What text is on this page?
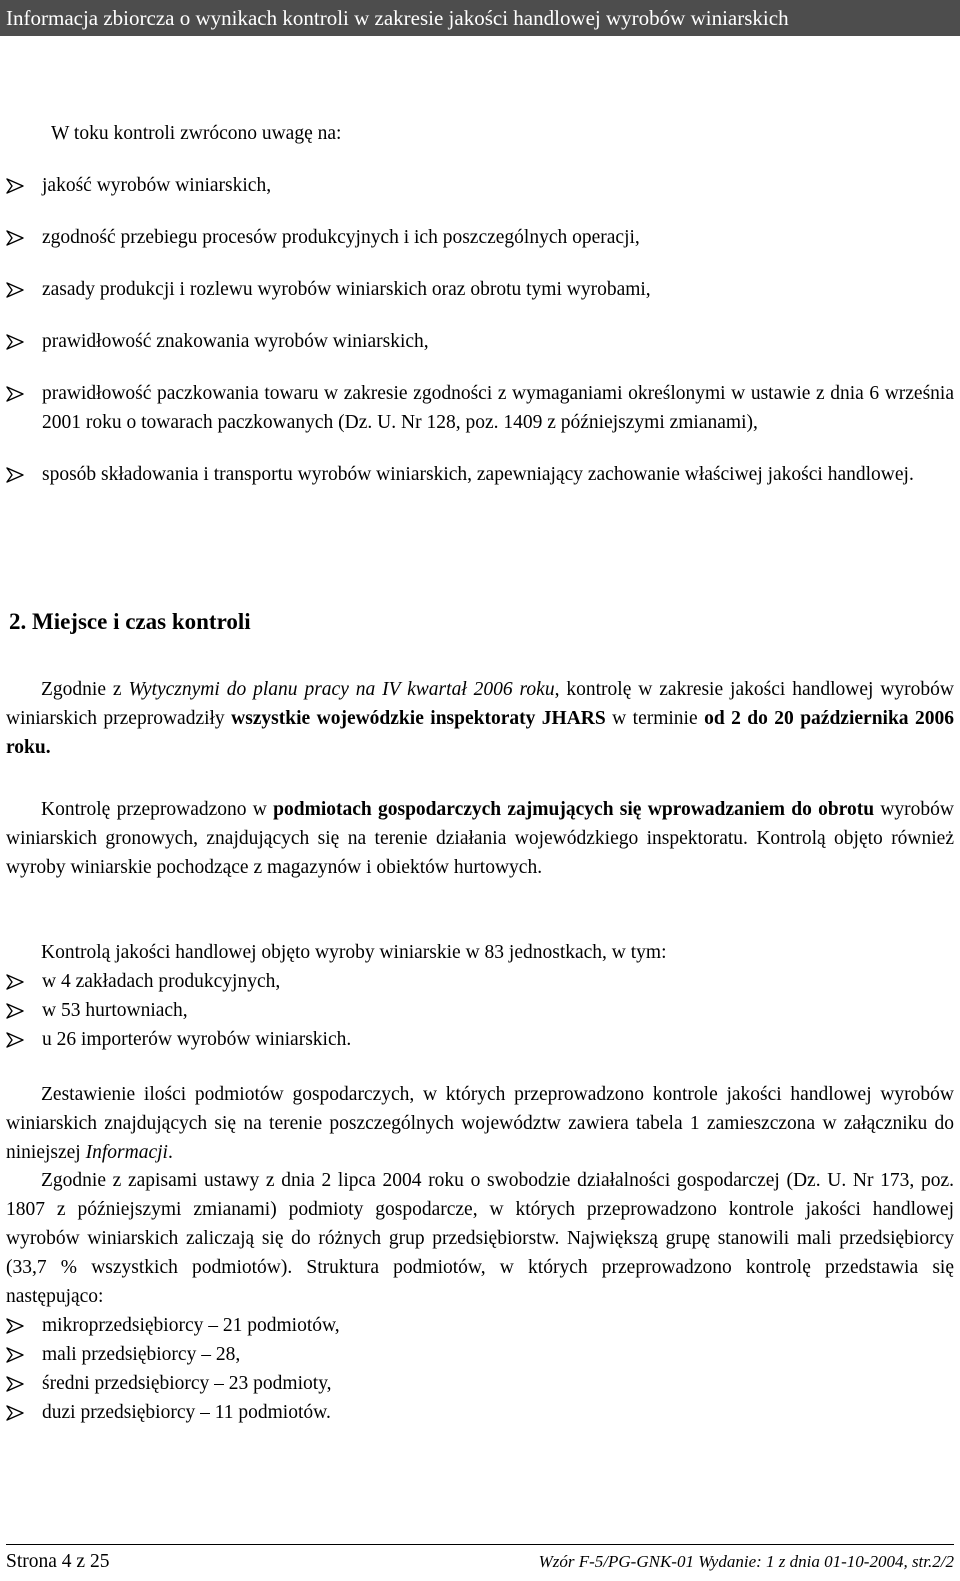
Informacja zbiorcza o wynikach kontroli w zakresie jakości handlowej wyrobów winiarskich
W toku kontroli zwrócono uwagę na:
jakość wyrobów winiarskich,
zgodność przebiegu procesów produkcyjnych i ich poszczególnych operacji,
zasady produkcji i rozlewu wyrobów winiarskich oraz obrotu tymi wyrobami,
prawidłowość znakowania wyrobów winiarskich,
prawidłowość paczkowania towaru w zakresie zgodności z wymaganiami określonymi w ustawie z dnia 6 września 2001 roku o towarach paczkowanych (Dz. U. Nr 128, poz. 1409 z późniejszymi zmianami),
sposób składowania i transportu wyrobów winiarskich, zapewniający zachowanie właściwej jakości handlowej.
2. Miejsce i czas kontroli
Zgodnie z Wytycznymi do planu pracy na IV kwartał 2006 roku, kontrolę w zakresie jakości handlowej wyrobów winiarskich przeprowadziły wszystkie wojewódzkie inspektoraty JHARS w terminie od 2 do 20 października 2006 roku.
Kontrolę przeprowadzono w podmiotach gospodarczych zajmujących się wprowadzaniem do obrotu wyrobów winiarskich gronowych, znajdujących się na terenie działania wojewódzkiego inspektoratu. Kontrolą objęto również wyroby winiarskie pochodzące z magazynów i obiektów hurtowych.
Kontrolą jakości handlowej objęto wyroby winiarskie w 83 jednostkach, w tym:
w 4 zakładach produkcyjnych,
w 53 hurtowniach,
u 26 importerów wyrobów winiarskich.
Zestawienie ilości podmiotów gospodarczych, w których przeprowadzono kontrole jakości handlowej wyrobów winiarskich znajdujących się na terenie poszczególnych województw zawiera tabela 1 zamieszczona w załączniku do niniejszej Informacji.
Zgodnie z zapisami ustawy z dnia 2 lipca 2004 roku o swobodzie działalności gospodarczej (Dz. U. Nr 173, poz. 1807 z późniejszymi zmianami) podmioty gospodarcze, w których przeprowadzono kontrole jakości handlowej wyrobów winiarskich zaliczają się do różnych grup przedsiębiorstw. Największą grupę stanowili mali przedsiębiorcy (33,7 % wszystkich podmiotów). Struktura podmiotów, w których przeprowadzono kontrolę przedstawia się następująco:
mikroprzedsiębiorcy – 21 podmiotów,
mali przedsiębiorcy – 28,
średni przedsiębiorcy – 23 podmioty,
duzi przedsiębiorcy – 11 podmiotów.
Strona 4 z 25	Wzór F-5/PG-GNK-01 Wydanie: 1 z dnia 01-10-2004, str.2/2
